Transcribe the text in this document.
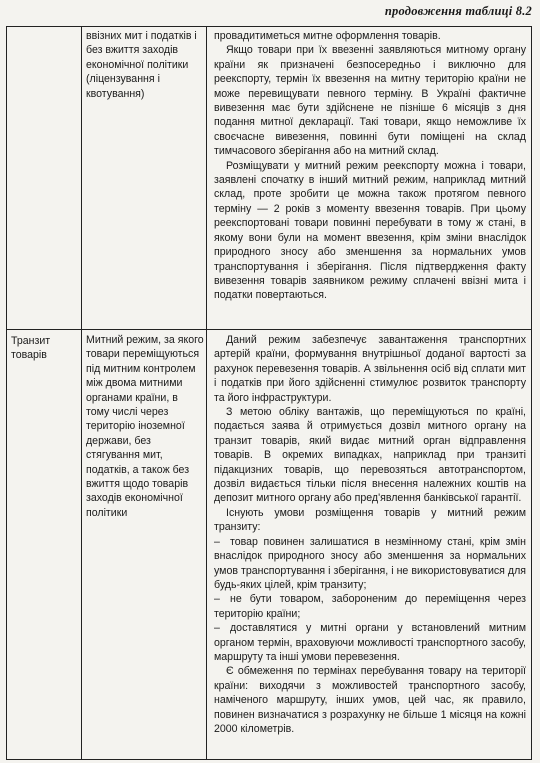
продовження таблиці 8.2
ввізних мит і податків і без вжиття заходів економічної політики (ліцензування і квотування)

провадитиметься митне оформлення товарів.

Якщо товари при їх ввезенні заявляються митному органу країни як призначені безпосередньо і виключно для реекспорту, термін їх ввезення на митну територію країни не може перевищувати певного терміну. В Україні фактичне вивезення має бути здійснене не пізніше 6 місяців з дня подання митної декларації. Такі товари, якщо неможливе їх своєчасне вивезення, повинні бути поміщені на склад тимчасового зберігання або на митний склад.

Розміщувати у митний режим реекспорту можна і товари, заявлені спочатку в інший митний режим, наприклад митний склад, проте зробити це можна також протягом певного терміну — 2 років з моменту ввезення товарів. При цьому реекспортовані товари повинні перебувати в тому ж стані, в якому вони були на момент ввезення, крім зміни внаслідок природного зносу або зменшення за нормальних умов транспортування і зберігання. Після підтвердження факту вивезення товарів заявником режиму сплачені ввізні мита і податки повертаються.

Транзит товарів
Митний режим, за якого товари переміщуються під митним контролем між двома митними органами країни, в тому числі через територію іноземної держави, без стягування мит, податків, а також без вжиття щодо товарів заходів економічної політики

Даний режим забезпечує завантаження транспортних артерій країни, формування внутрішньої доданої вартості за рахунок перевезення товарів. А звільнення осіб від сплати мит і податків при його здійсненні стимулює розвиток транспорту та його інфраструктури.

З метою обліку вантажів, що переміщуються по країні, подається заява й отримується дозвіл митного органу на транзит товарів, який видає митний орган відправлення товарів. В окремих випадках, наприклад при транзиті підакцизних товарів, що перевозяться автотранспортом, дозвіл видається тільки після внесення належних коштів на депозит митного органу або пред'явлення банківської гарантії.

Існують умови розміщення товарів у митний режим транзиту:

– товар повинен залишатися в незмінному стані, крім змін внаслідок природного зносу або зменшення за нормальних умов транспортування і зберігання, і не використовуватися для будь-яких цілей, крім транзиту;

– не бути товаром, забороненим до переміщення через територію країни;

– доставлятися у митні органи у встановлений митним органом термін, враховуючи можливості транспортного засобу, маршруту та інші умови перевезення.

Є обмеження по термінах перебування товару на території країни: виходячи з можливостей транспортного засобу, наміченого маршруту, інших умов, цей час, як правило, повинен визначатися з розрахунку не більше 1 місяця на кожні 2000 кілометрів.
